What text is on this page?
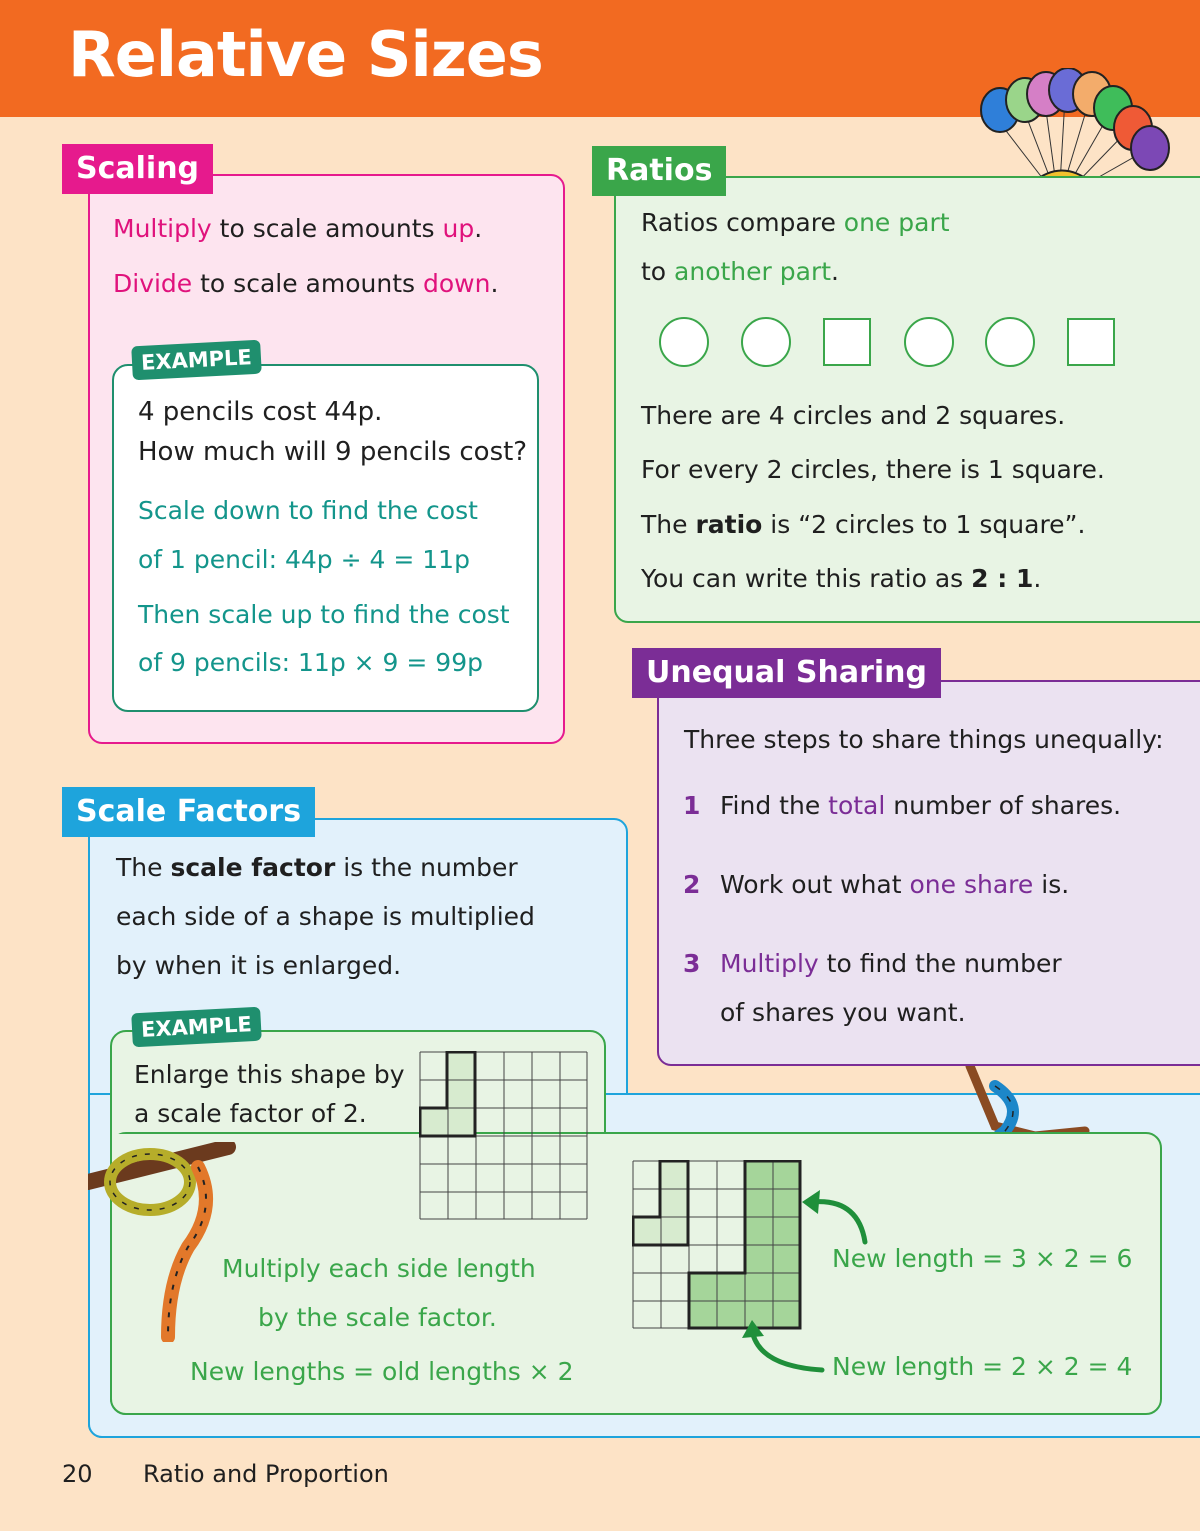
Relative Sizes
Scaling
Multiply to scale amounts up.
Divide to scale amounts down.
EXAMPLE
4 pencils cost 44p.
How much will 9 pencils cost?
Scale down to find the cost
of 1 pencil: 44p ÷ 4 = 11p
Then scale up to find the cost
of 9 pencils: 11p × 9 = 99p
Ratios
Ratios compare one part
to another part.
There are 4 circles and 2 squares.
For every 2 circles, there is 1 square.
The ratio is “2 circles to 1 square”.
You can write this ratio as 2 : 1.
Unequal Sharing
Three steps to share things unequally:
1 Find the total number of shares.
2 Work out what one share is.
3 Multiply to find the number
of shares you want.
Scale Factors
The scale factor is the number
each side of a shape is multiplied
by when it is enlarged.
EXAMPLE
Enlarge this shape by
a scale factor of 2.
New length = 3 × 2 = 6
New length = 2 × 2 = 4
Multiply each side length
by the scale factor.
New lengths = old lengths × 2
20 Ratio and Proportion
